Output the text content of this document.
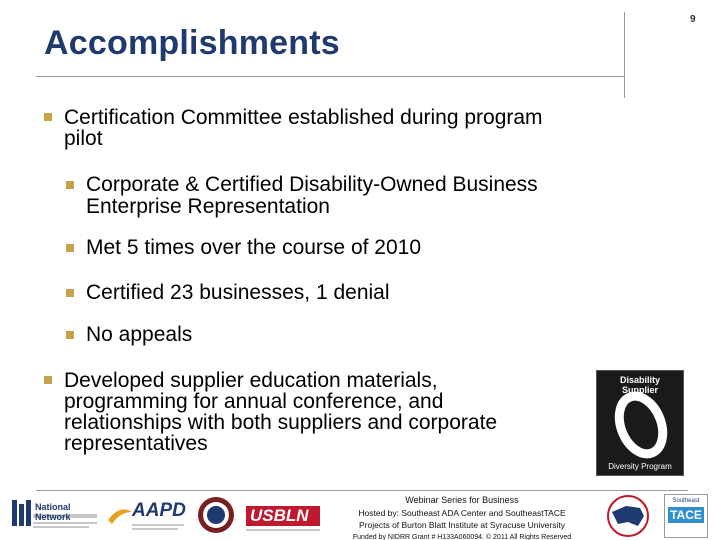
Accomplishments
9
Certification Committee established during program
pilot
Corporate & Certified Disability-Owned Business
Enterprise Representation
Met 5 times over the course of 2010
Certified 23 businesses, 1 denial
No appeals
Developed supplier education materials,
programming for annual conference, and
relationships with both suppliers and corporate
representatives
Disability Supplier
Diversity Program
National Network	AAPD	USBLN
Webinar Series for Business
Hosted by: Southeast ADA Center and SoutheastTACE
Projects of Burton Blatt Institute at Syracuse University
Funded by NIDRR Grant # H133A060094. © 2011 All Rights Reserved
Southeast
TACE
